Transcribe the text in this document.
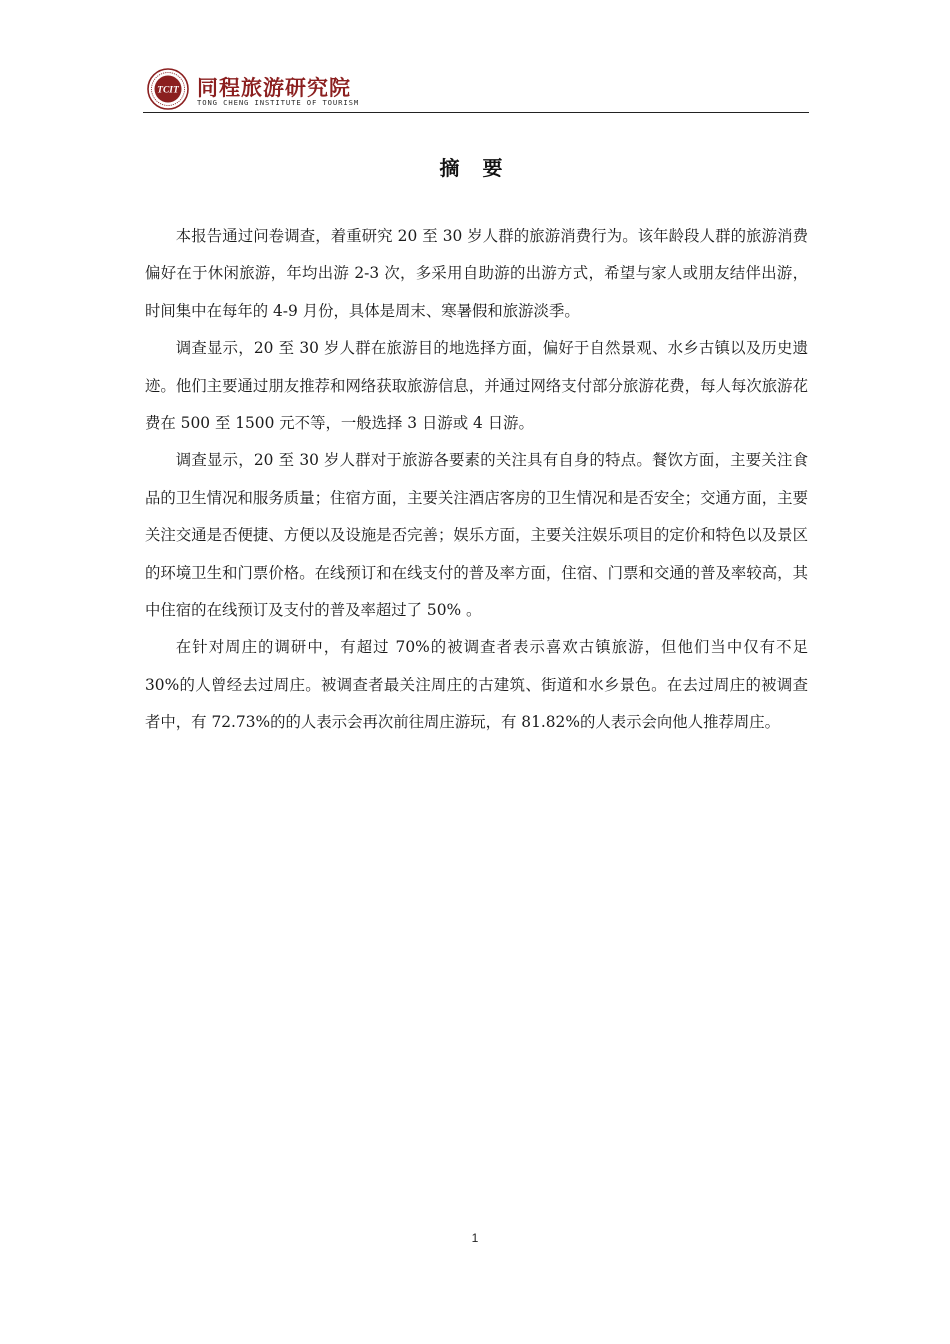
TCIT 同程旅游研究院
TONG CHENG INSTITUTE OF TOURISM
摘 要

本报告通过问卷调查，着重研究 20 至 30 岁人群的旅游消费行为。该年龄段人群的旅游消费偏好在于休闲旅游，年均出游 2-3 次，多采用自助游的出游方式，希望与家人或朋友结伴出游，时间集中在每年的 4-9 月份，具体是周末、寒暑假和旅游淡季。

调查显示，20 至 30 岁人群在旅游目的地选择方面，偏好于自然景观、水乡古镇以及历史遗迹。他们主要通过朋友推荐和网络获取旅游信息，并通过网络支付部分旅游花费，每人每次旅游花费在 500 至 1500 元不等，一般选择 3 日游或 4 日游。

调查显示，20 至 30 岁人群对于旅游各要素的关注具有自身的特点。餐饮方面，主要关注食品的卫生情况和服务质量；住宿方面，主要关注酒店客房的卫生情况和是否安全；交通方面，主要关注交通是否便捷、方便以及设施是否完善；娱乐方面，主要关注娱乐项目的定价和特色以及景区的环境卫生和门票价格。在线预订和在线支付的普及率方面，住宿、门票和交通的普及率较高，其中住宿的在线预订及支付的普及率超过了 50% 。

在针对周庄的调研中，有超过 70%的被调查者表示喜欢古镇旅游，但他们当中仅有不足 30%的人曾经去过周庄。被调查者最关注周庄的古建筑、街道和水乡景色。在去过周庄的被调查者中，有 72.73%的的人表示会再次前往周庄游玩，有 81.82%的人表示会向他人推荐周庄。

1
